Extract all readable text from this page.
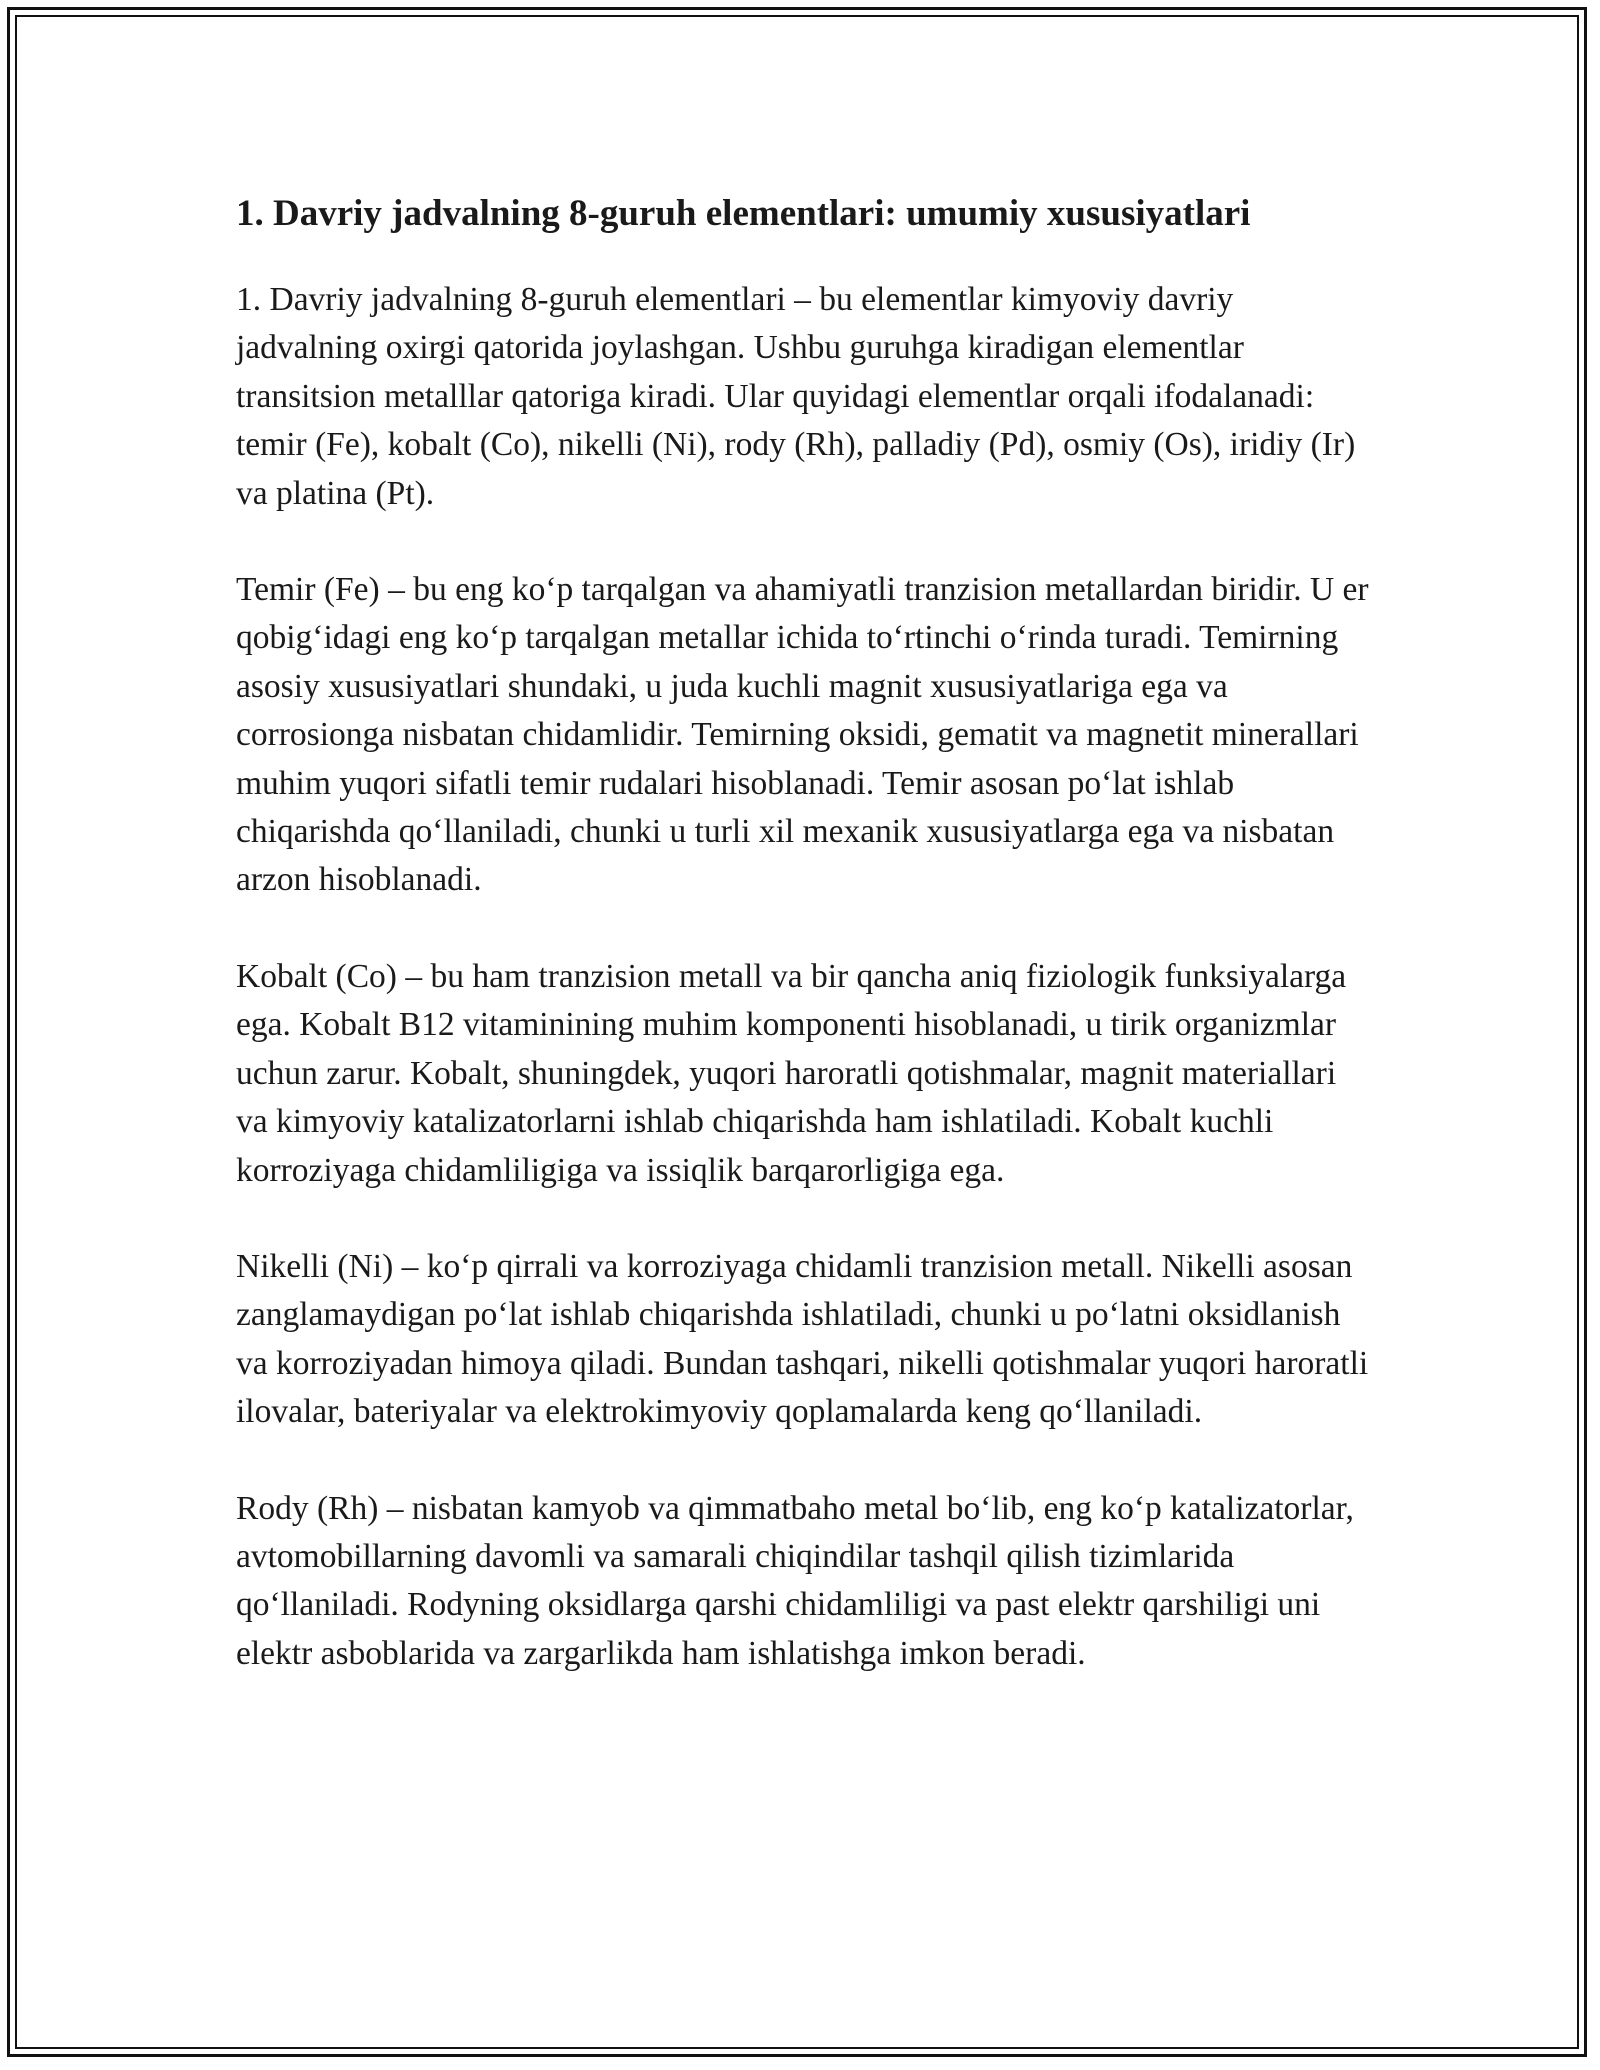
1. Davriy jadvalning 8-guruh elementlari: umumiy xususiyatlari

1. Davriy jadvalning 8-guruh elementlari – bu elementlar kimyoviy davriy jadvalning oxirgi qatorida joylashgan. Ushbu guruhga kiradigan elementlar transitsion metalllar qatoriga kiradi. Ular quyidagi elementlar orqali ifodalanadi: temir (Fe), kobalt (Co), nikelli (Ni), rody (Rh), palladiy (Pd), osmiy (Os), iridiy (Ir) va platina (Pt).

Temir (Fe) – bu eng ko‘p tarqalgan va ahamiyatli tranzision metallardan biridir. U er qobig‘idagi eng ko‘p tarqalgan metallar ichida to‘rtinchi o‘rinda turadi. Temirning asosiy xususiyatlari shundaki, u juda kuchli magnit xususiyatlariga ega va corrosionga nisbatan chidamlidir. Temirning oksidi, gematit va magnetit minerallari muhim yuqori sifatli temir rudalari hisoblanadi. Temir asosan po‘lat ishlab chiqarishda qo‘llaniladi, chunki u turli xil mexanik xususiyatlarga ega va nisbatan arzon hisoblanadi.

Kobalt (Co) – bu ham tranzision metall va bir qancha aniq fiziologik funksiyalarga ega. Kobalt B12 vitaminining muhim komponenti hisoblanadi, u tirik organizmlar uchun zarur. Kobalt, shuningdek, yuqori haroratli qotishmalar, magnit materiallari va kimyoviy katalizatorlarni ishlab chiqarishda ham ishlatiladi. Kobalt kuchli korroziyaga chidamliligiga va issiqlik barqarorligiga ega.

Nikelli (Ni) – ko‘p qirrali va korroziyaga chidamli tranzision metall. Nikelli asosan zanglamaydigan po‘lat ishlab chiqarishda ishlatiladi, chunki u po‘latni oksidlanish va korroziyadan himoya qiladi. Bundan tashqari, nikelli qotishmalar yuqori haroratli ilovalar, bateriyalar va elektrokimyoviy qoplamalarda keng qo‘llaniladi.

Rody (Rh) – nisbatan kamyob va qimmatbaho metal bo‘lib, eng ko‘p katalizatorlar, avtomobillarning davomli va samarali chiqindilar tashqil qilish tizimlarida qo‘llaniladi. Rodyning oksidlarga qarshi chidamliligi va past elektr qarshiligi uni elektr asboblarida va zargarlikda ham ishlatishga imkon beradi.
